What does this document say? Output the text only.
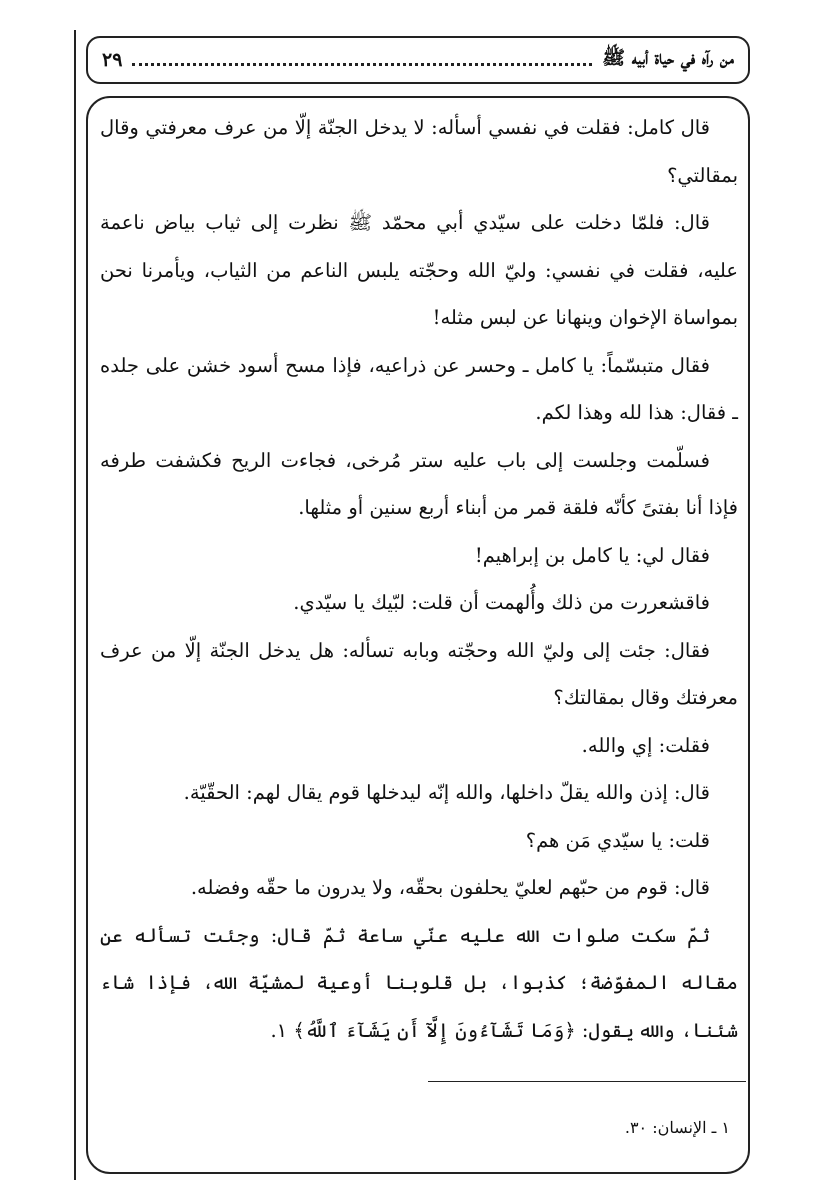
من رآه في حياة أبيه ﷺ
٢٩

قال كامل: فقلت في نفسي أسأله: لا يدخل الجنّة إلّا من عرف معرفتي وقال بمقالتي؟

قال: فلمّا دخلت على سيّدي أبي محمّد ﷺ نظرت إلى ثياب بياض ناعمة عليه، فقلت في نفسي: وليّ الله وحجّته يلبس الناعم من الثياب، ويأمرنا نحن بمواساة الإخوان وينهانا عن لبس مثله!

فقال متبسّماً: يا كامل ـ وحسر عن ذراعيه، فإذا مسح أسود خشن على جلده ـ فقال: هذا لله وهذا لكم.

فسلّمت وجلست إلى باب عليه ستر مُرخى، فجاءت الريح فكشفت طرفه فإذا أنا بفتىً كأنّه فلقة قمر من أبناء أربع سنين أو مثلها.

فقال لي: يا كامل بن إبراهيم!

فاقشعررت من ذلك وأُلهمت أن قلت: لبّيك يا سيّدي.

فقال: جئت إلى وليّ الله وحجّته وبابه تسأله: هل يدخل الجنّة إلّا من عرف معرفتك وقال بمقالتك؟

فقلت: إي والله.

قال: إذن والله يقلّ داخلها، والله إنّه ليدخلها قوم يقال لهم: الحقّيّة.

قلت: يا سيّدي مَن هم؟

قال: قوم من حبّهم لعليّ يحلفون بحقّه، ولا يدرون ما حقّه وفضله.

ثمّ سكت صلوات الله عليه عنّي ساعة ثمّ قال: وجئت تسأله عن مقاله المفوّضة؛ كذبوا، بل قلوبنا أوعية لمشيّة الله، فإذا شاء شئنا، والله يقول: ﴿وَمَا تَشَآءُونَ إِلَّآ أَن يَشَآءَ ٱللَّهُ﴾ ١.

١ ـ الإنسان: ٣٠.
